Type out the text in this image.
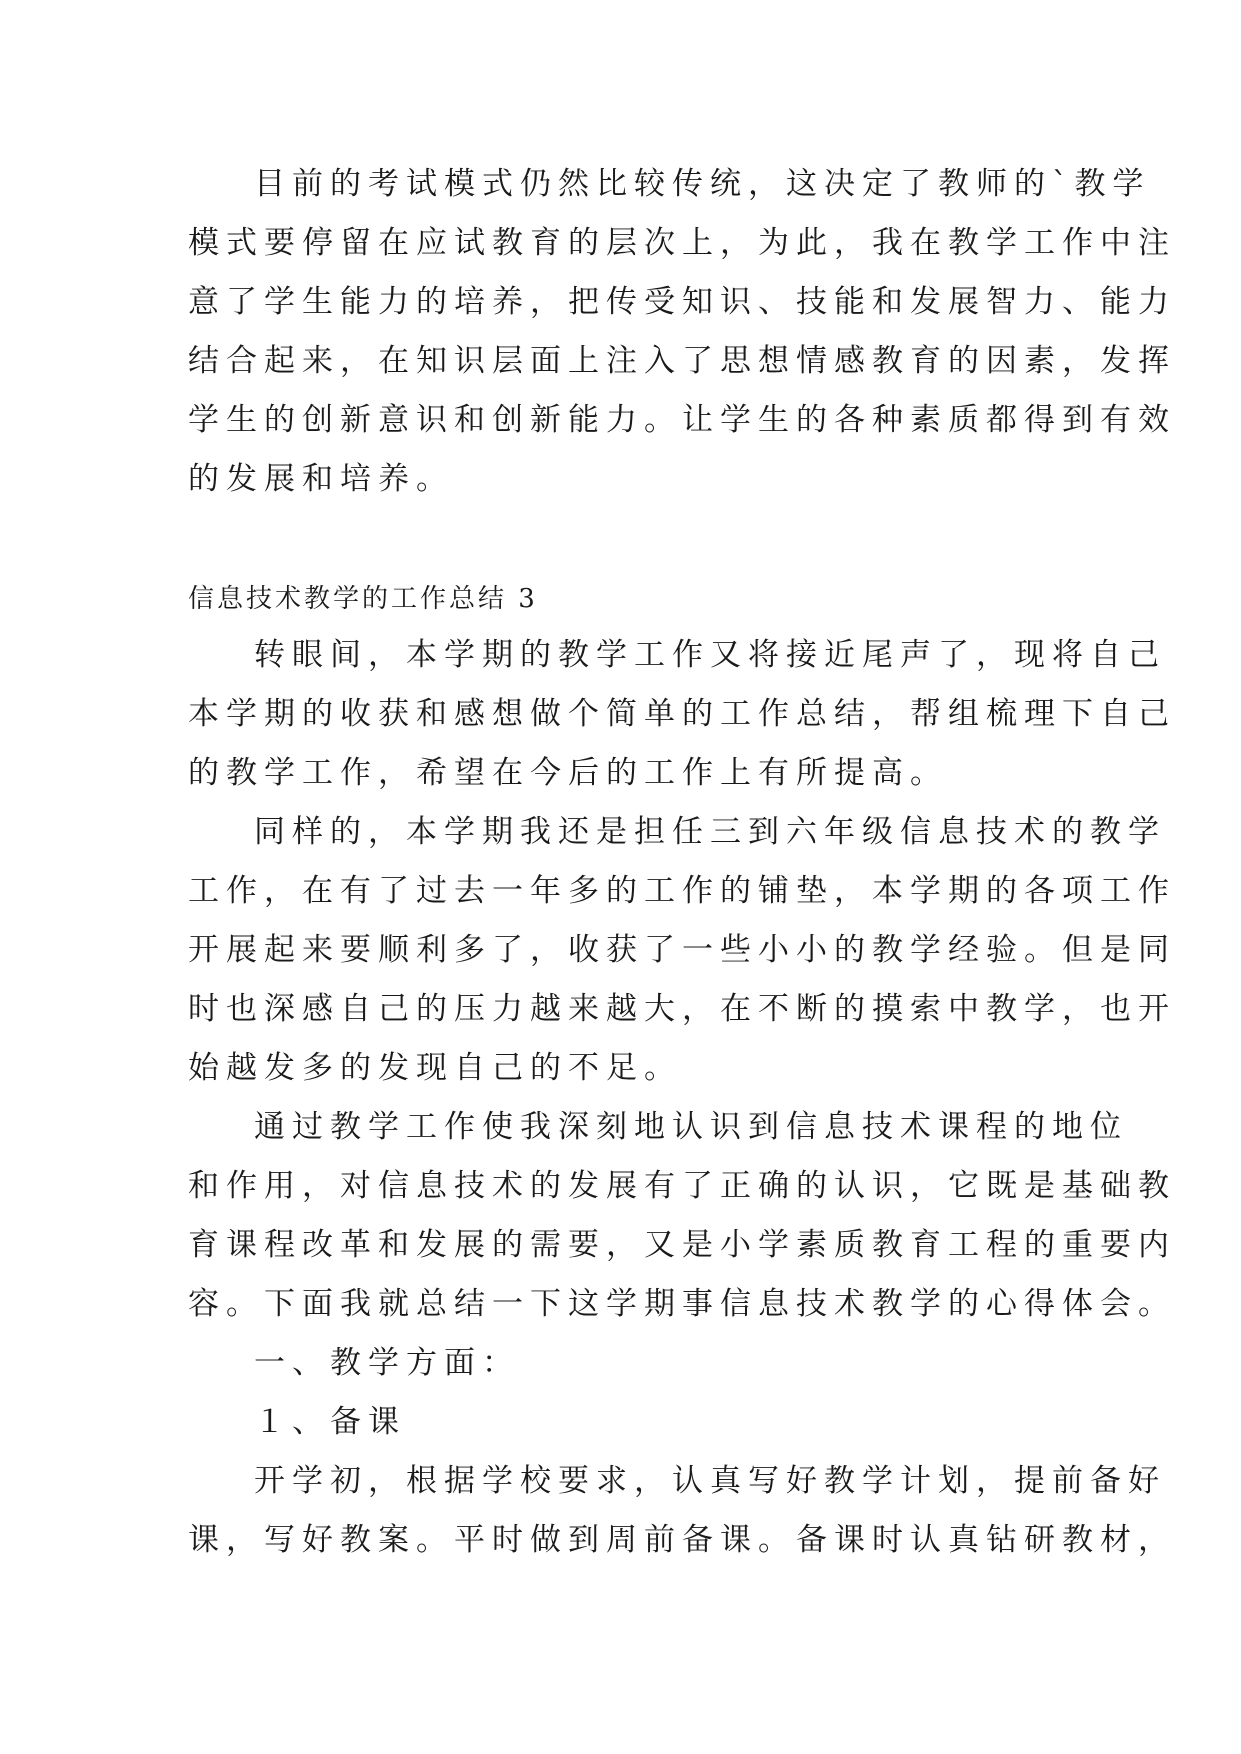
目前的考试模式仍然比较传统，这决定了教师的`教学
模式要停留在应试教育的层次上，为此，我在教学工作中注
意了学生能力的培养，把传受知识、技能和发展智力、能力
结合起来，在知识层面上注入了思想情感教育的因素，发挥
学生的创新意识和创新能力。让学生的各种素质都得到有效
的发展和培养。
信息技术教学的工作总结 3
转眼间，本学期的教学工作又将接近尾声了，现将自己
本学期的收获和感想做个简单的工作总结，帮组梳理下自己
的教学工作，希望在今后的工作上有所提高。
同样的，本学期我还是担任三到六年级信息技术的教学
工作，在有了过去一年多的工作的铺垫，本学期的各项工作
开展起来要顺利多了，收获了一些小小的教学经验。但是同
时也深感自己的压力越来越大，在不断的摸索中教学，也开
始越发多的发现自己的不足。
通过教学工作使我深刻地认识到信息技术课程的地位
和作用，对信息技术的发展有了正确的认识，它既是基础教
育课程改革和发展的需要，又是小学素质教育工程的重要内
容。下面我就总结一下这学期事信息技术教学的心得体会。
一、教学方面：
１、备课
开学初，根据学校要求，认真写好教学计划，提前备好
课，写好教案。平时做到周前备课。备课时认真钻研教材，
